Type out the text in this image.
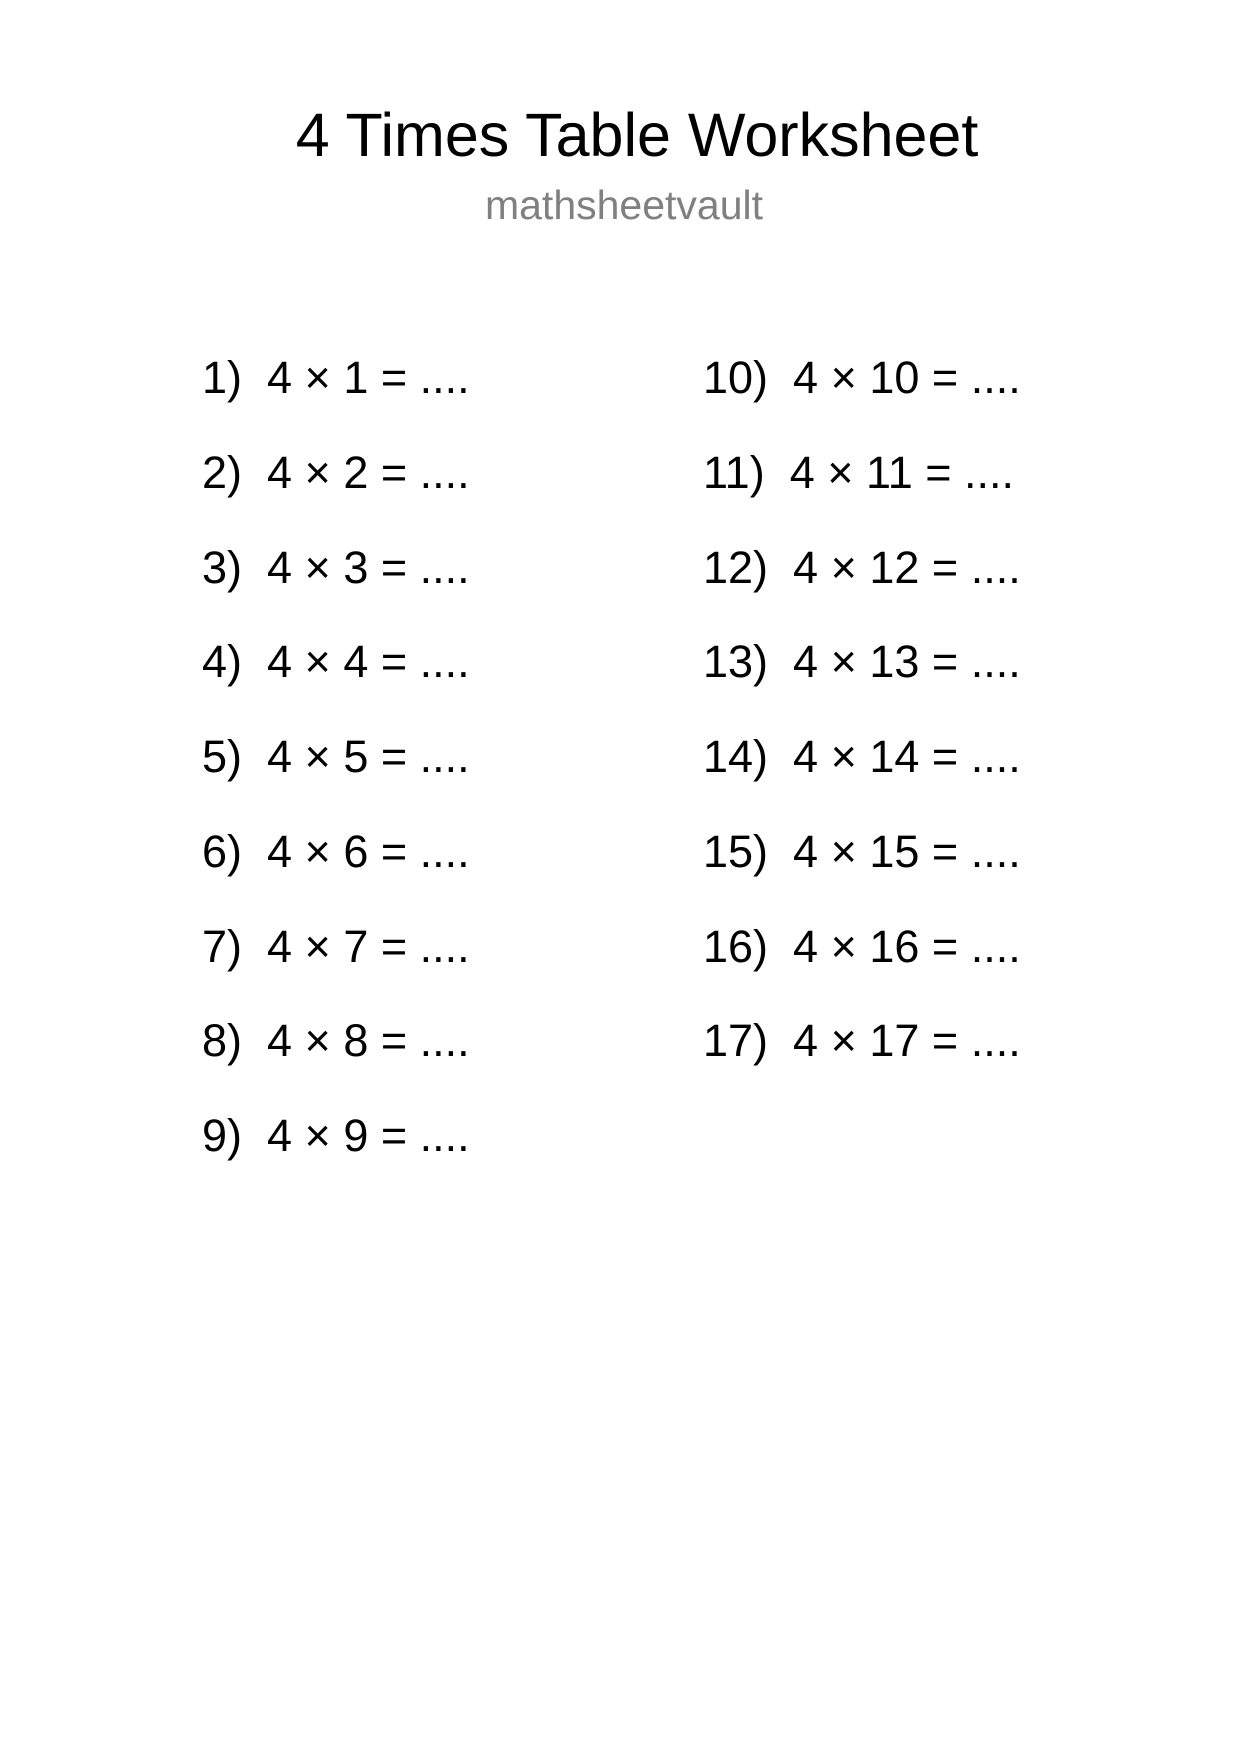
4 Times Table Worksheet
mathsheetvault
1)  4 × 1 = ....
2)  4 × 2 = ....
3)  4 × 3 = ....
4)  4 × 4 = ....
5)  4 × 5 = ....
6)  4 × 6 = ....
7)  4 × 7 = ....
8)  4 × 8 = ....
9)  4 × 9 = ....
10)  4 × 10 = ....
11)  4 × 11 = ....
12)  4 × 12 = ....
13)  4 × 13 = ....
14)  4 × 14 = ....
15)  4 × 15 = ....
16)  4 × 16 = ....
17)  4 × 17 = ....
